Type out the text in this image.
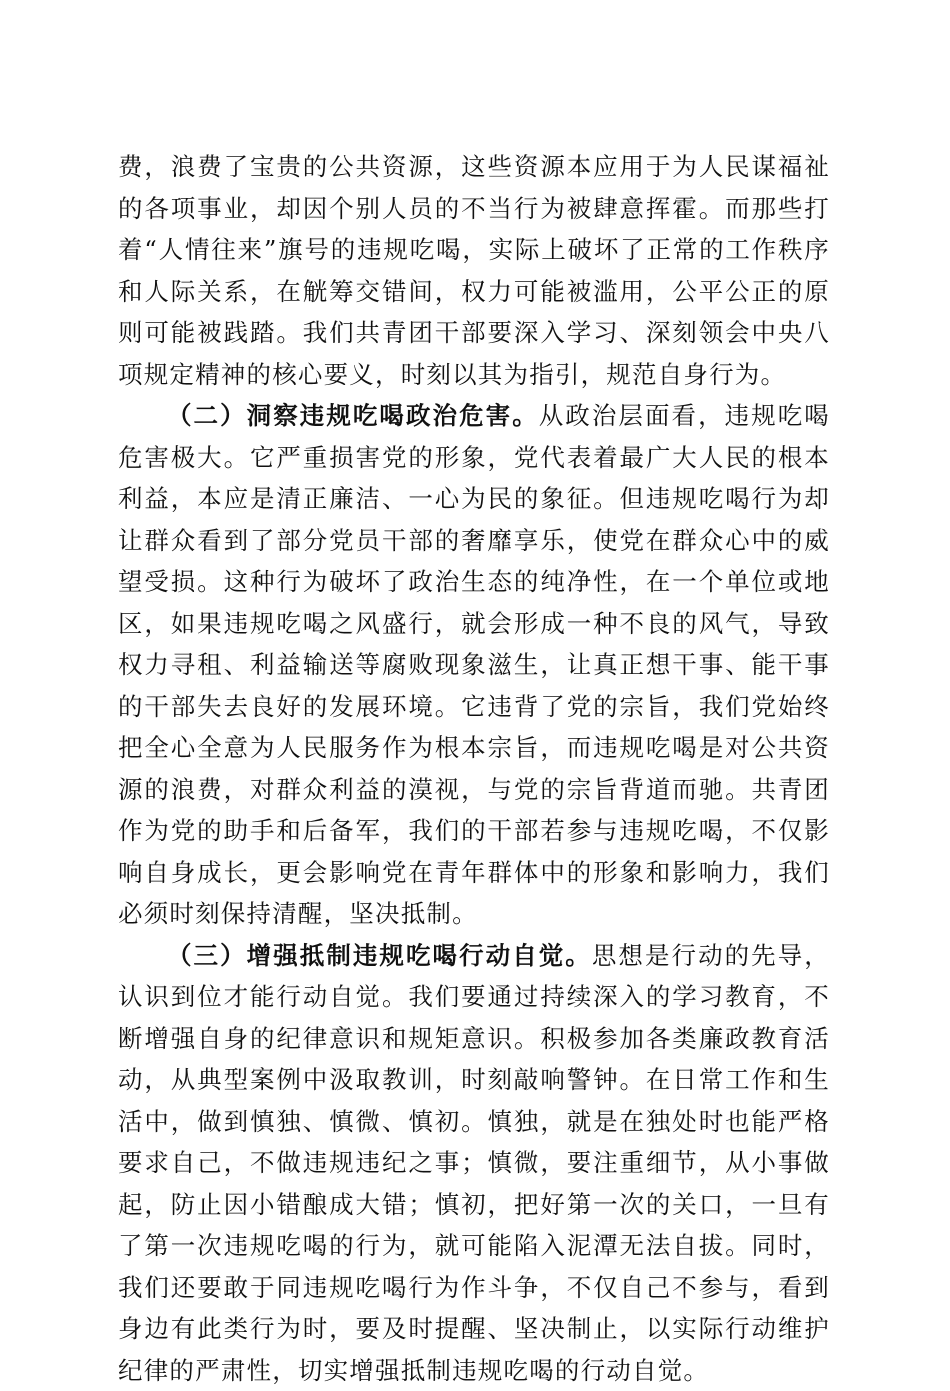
费，浪费了宝贵的公共资源，这些资源本应用于为人民谋福祉的各项事业，却因个别人员的不当行为被肆意挥霍。而那些打着“人情往来”旗号的违规吃喝，实际上破坏了正常的工作秩序和人际关系，在觥筹交错间，权力可能被滥用，公平公正的原则可能被践踏。我们共青团干部要深入学习、深刻领会中央八项规定精神的核心要义，时刻以其为指引，规范自身行为。

（二）洞察违规吃喝政治危害。从政治层面看，违规吃喝危害极大。它严重损害党的形象，党代表着最广大人民的根本利益，本应是清正廉洁、一心为民的象征。但违规吃喝行为却让群众看到了部分党员干部的奢靡享乐，使党在群众心中的威望受损。这种行为破坏了政治生态的纯净性，在一个单位或地区，如果违规吃喝之风盛行，就会形成一种不良的风气，导致权力寻租、利益输送等腐败现象滋生，让真正想干事、能干事的干部失去良好的发展环境。它违背了党的宗旨，我们党始终把全心全意为人民服务作为根本宗旨，而违规吃喝是对公共资源的浪费，对群众利益的漠视，与党的宗旨背道而驰。共青团作为党的助手和后备军，我们的干部若参与违规吃喝，不仅影响自身成长，更会影响党在青年群体中的形象和影响力，我们必须时刻保持清醒，坚决抵制。

（三）增强抵制违规吃喝行动自觉。思想是行动的先导，认识到位才能行动自觉。我们要通过持续深入的学习教育，不断增强自身的纪律意识和规矩意识。积极参加各类廉政教育活动，从典型案例中汲取教训，时刻敲响警钟。在日常工作和生活中，做到慎独、慎微、慎初。慎独，就是在独处时也能严格要求自己，不做违规违纪之事；慎微，要注重细节，从小事做起，防止因小错酿成大错；慎初，把好第一次的关口，一旦有了第一次违规吃喝的行为，就可能陷入泥潭无法自拔。同时，我们还要敢于同违规吃喝行为作斗争，不仅自己不参与，看到身边有此类行为时，要及时提醒、坚决制止，以实际行动维护纪律的严肃性，切实增强抵制违规吃喝的行动自觉。
